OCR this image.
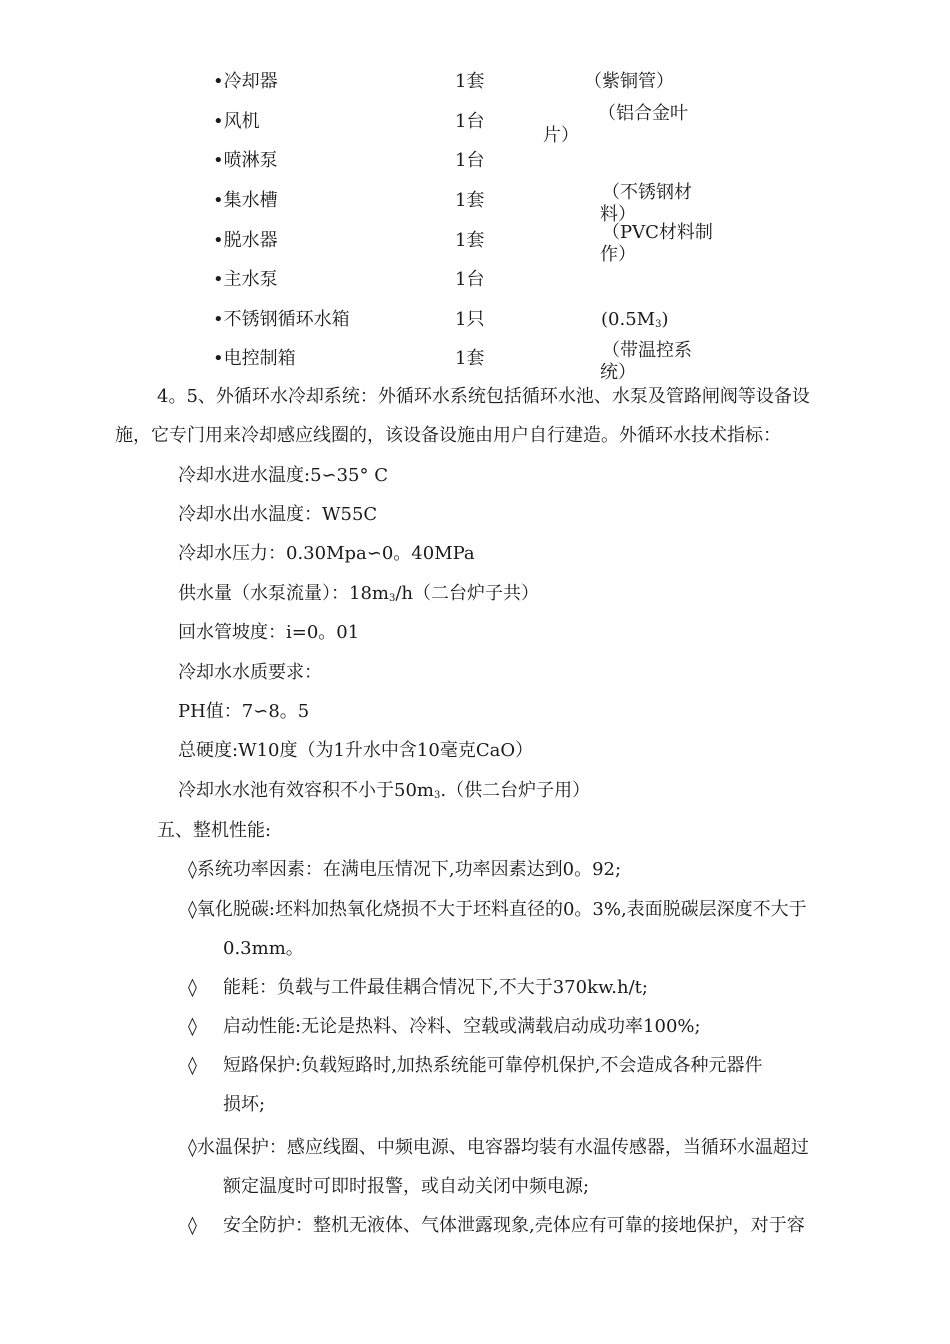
•冷却器	1套	（紫铜管）
•风机	1台	（铝合金叶
片）
•喷淋泵	1台
•集水槽	1套	（不锈钢材
料）
•脱水器	1套	（PVC材料制
作）
•主水泵	1台
•不锈钢循环水箱	1只	$(0.5M_3)$
•电控制箱	1套	（带温控系
统）
4。5、外循环水冷却系统：外循环水系统包括循环水池、水泵及管路闸阀等设备设
施，它专门用来冷却感应线圈的，该设备设施由用户自行建造。外循环水技术指标：
冷却水进水温度:5∽35° C
冷却水出水温度：W55C
冷却水压力：0.30Mpa∽0。40MPa
供水量（水泵流量）：$18m_3/h$（二台炉子共）
回水管坡度：i=0。01
冷却水水质要求：
PH值：7∽8。5
总硬度:W10度（为1升水中含10毫克CaO）
冷却水水池有效容积不小于$50m_3$.（供二台炉子用）
五、整机性能:
◊系统功率因素：在满电压情况下,功率因素达到0。92;
◊氧化脱碳:坯料加热氧化烧损不大于坯料直径的0。3%,表面脱碳层深度不大于
0.3mm。
◊ 能耗：负载与工件最佳耦合情况下,不大于370kw.h/t;
◊ 启动性能:无论是热料、冷料、空载或满载启动成功率100%;
◊ 短路保护:负载短路时,加热系统能可靠停机保护,不会造成各种元器件
损坏;
◊水温保护：感应线圈、中频电源、电容器均装有水温传感器，当循环水温超过
额定温度时可即时报警，或自动关闭中频电源;
◊ 安全防护：整机无液体、气体泄露现象,壳体应有可靠的接地保护，对于容
